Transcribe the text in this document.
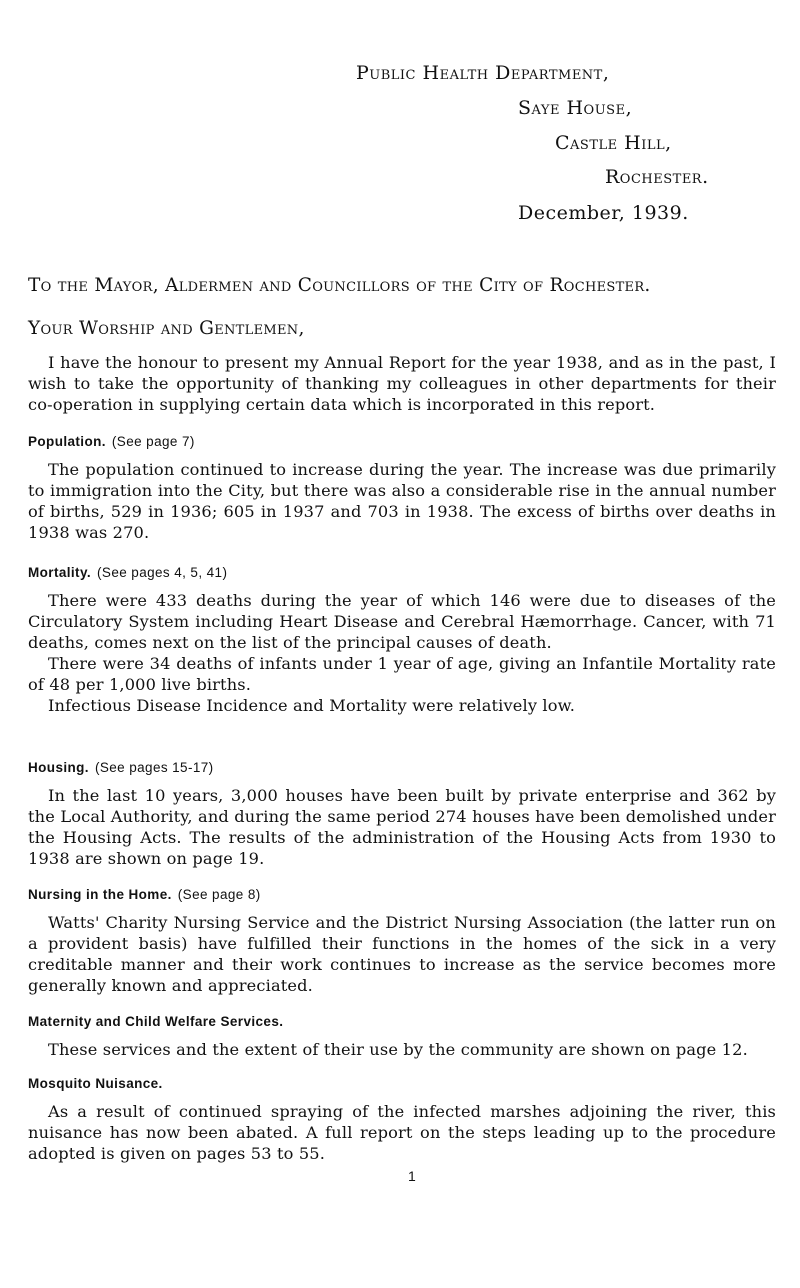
Public Health Department,
Saye House,
Castle Hill,
Rochester.
December, 1939.
To the Mayor, Aldermen and Councillors of the City of Rochester.
Your Worship and Gentlemen,

I have the honour to present my Annual Report for the year 1938, and as in the past, I wish to take the opportunity of thanking my colleagues in other departments for their co-operation in supplying certain data which is incorporated in this report.

Population. (See page 7)

The population continued to increase during the year. The increase was due primarily to immigration into the City, but there was also a considerable rise in the annual number of births, 529 in 1936; 605 in 1937 and 703 in 1938. The excess of births over deaths in 1938 was 270.

Mortality. (See pages 4, 5, 41)

There were 433 deaths during the year of which 146 were due to diseases of the Circulatory System including Heart Disease and Cerebral Hæmorrhage. Cancer, with 71 deaths, comes next on the list of the principal causes of death.

There were 34 deaths of infants under 1 year of age, giving an Infantile Mortality rate of 48 per 1,000 live births.

Infectious Disease Incidence and Mortality were relatively low.

Housing. (See pages 15-17)

In the last 10 years, 3,000 houses have been built by private enterprise and 362 by the Local Authority, and during the same period 274 houses have been demolished under the Housing Acts. The results of the administration of the Housing Acts from 1930 to 1938 are shown on page 19.

Nursing in the Home. (See page 8)

Watts' Charity Nursing Service and the District Nursing Association (the latter run on a provident basis) have fulfilled their functions in the homes of the sick in a very creditable manner and their work continues to increase as the service becomes more generally known and appreciated.

Maternity and Child Welfare Services.

These services and the extent of their use by the community are shown on page 12.

Mosquito Nuisance.

As a result of continued spraying of the infected marshes adjoining the river, this nuisance has now been abated. A full report on the steps leading up to the procedure adopted is given on pages 53 to 55.

1
